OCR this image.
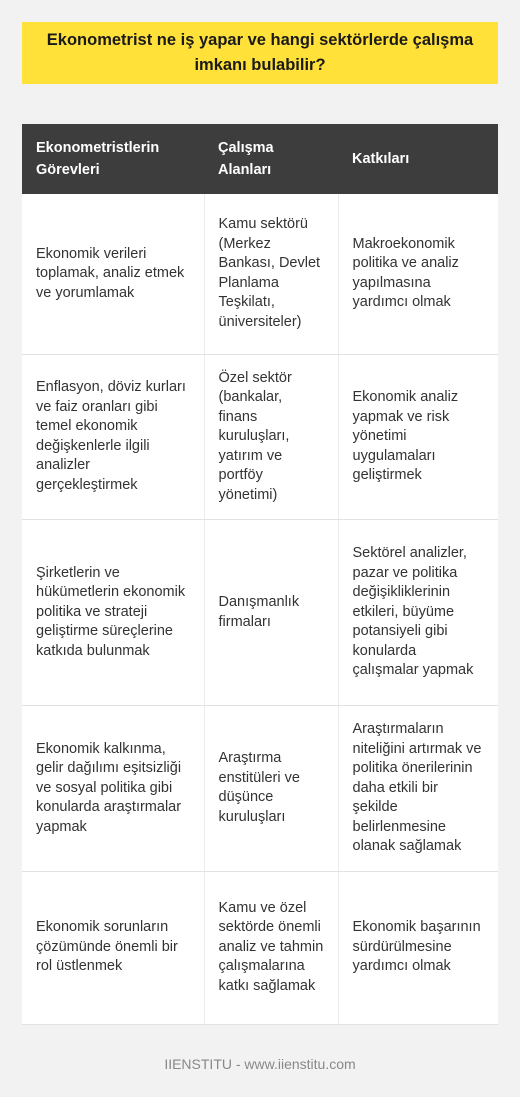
Ekonometrist ne iş yapar ve hangi sektörlerde çalışma imkanı bulabilir?
Ekonometristlerin Görevleri	Çalışma Alanları	Katkıları
Ekonomik verileri toplamak, analiz etmek ve yorumlamak	Kamu sektörü (Merkez Bankası, Devlet Planlama Teşkilatı, üniversiteler)	Makroekonomik politika ve analiz yapılmasına yardımcı olmak
Enflasyon, döviz kurları ve faiz oranları gibi temel ekonomik değişkenlerle ilgili analizler gerçekleştirmek	Özel sektör (bankalar, finans kuruluşları, yatırım ve portföy yönetimi)	Ekonomik analiz yapmak ve risk yönetimi uygulamaları geliştirmek
Şirketlerin ve hükümetlerin ekonomik politika ve strateji geliştirme süreçlerine katkıda bulunmak	Danışmanlık firmaları	Sektörel analizler, pazar ve politika değişikliklerinin etkileri, büyüme potansiyeli gibi konularda çalışmalar yapmak
Ekonomik kalkınma, gelir dağılımı eşitsizliği ve sosyal politika gibi konularda araştırmalar yapmak	Araştırma enstitüleri ve düşünce kuruluşları	Araştırmaların niteliğini artırmak ve politika önerilerinin daha etkili bir şekilde belirlenmesine olanak sağlamak
Ekonomik sorunların çözümünde önemli bir rol üstlenmek	Kamu ve özel sektörde önemli analiz ve tahmin çalışmalarına katkı sağlamak	Ekonomik başarının sürdürülmesine yardımcı olmak
IIENSTITU - www.iienstitu.com
